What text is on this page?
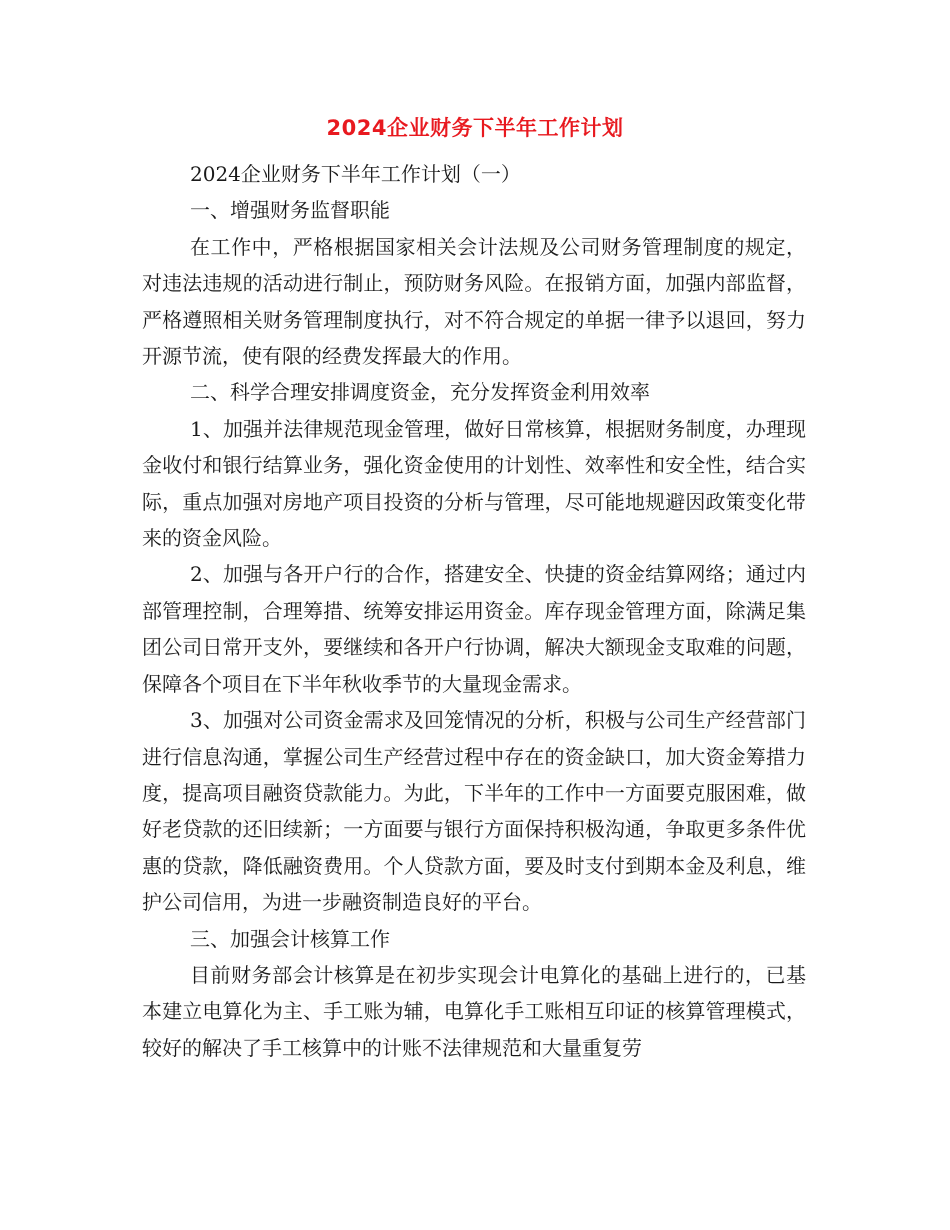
2024企业财务下半年工作计划

2024企业财务下半年工作计划（一）

一、增强财务监督职能

在工作中，严格根据国家相关会计法规及公司财务管理制度的规定，对违法违规的活动进行制止，预防财务风险。在报销方面，加强内部监督，严格遵照相关财务管理制度执行，对不符合规定的单据一律予以退回，努力开源节流，使有限的经费发挥最大的作用。

二、科学合理安排调度资金，充分发挥资金利用效率

1、加强并法律规范现金管理，做好日常核算，根据财务制度，办理现金收付和银行结算业务，强化资金使用的计划性、效率性和安全性，结合实际，重点加强对房地产项目投资的分析与管理，尽可能地规避因政策变化带来的资金风险。

2、加强与各开户行的合作，搭建安全、快捷的资金结算网络；通过内部管理控制，合理筹措、统筹安排运用资金。库存现金管理方面，除满足集团公司日常开支外，要继续和各开户行协调，解决大额现金支取难的问题，保障各个项目在下半年秋收季节的大量现金需求。

3、加强对公司资金需求及回笼情况的分析，积极与公司生产经营部门进行信息沟通，掌握公司生产经营过程中存在的资金缺口，加大资金筹措力度，提高项目融资贷款能力。为此，下半年的工作中一方面要克服困难，做好老贷款的还旧续新；一方面要与银行方面保持积极沟通，争取更多条件优惠的贷款，降低融资费用。个人贷款方面，要及时支付到期本金及利息，维护公司信用，为进一步融资制造良好的平台。

三、加强会计核算工作

目前财务部会计核算是在初步实现会计电算化的基础上进行的，已基本建立电算化为主、手工账为辅，电算化手工账相互印证的核算管理模式，较好的解决了手工核算中的计账不法律规范和大量重复劳
